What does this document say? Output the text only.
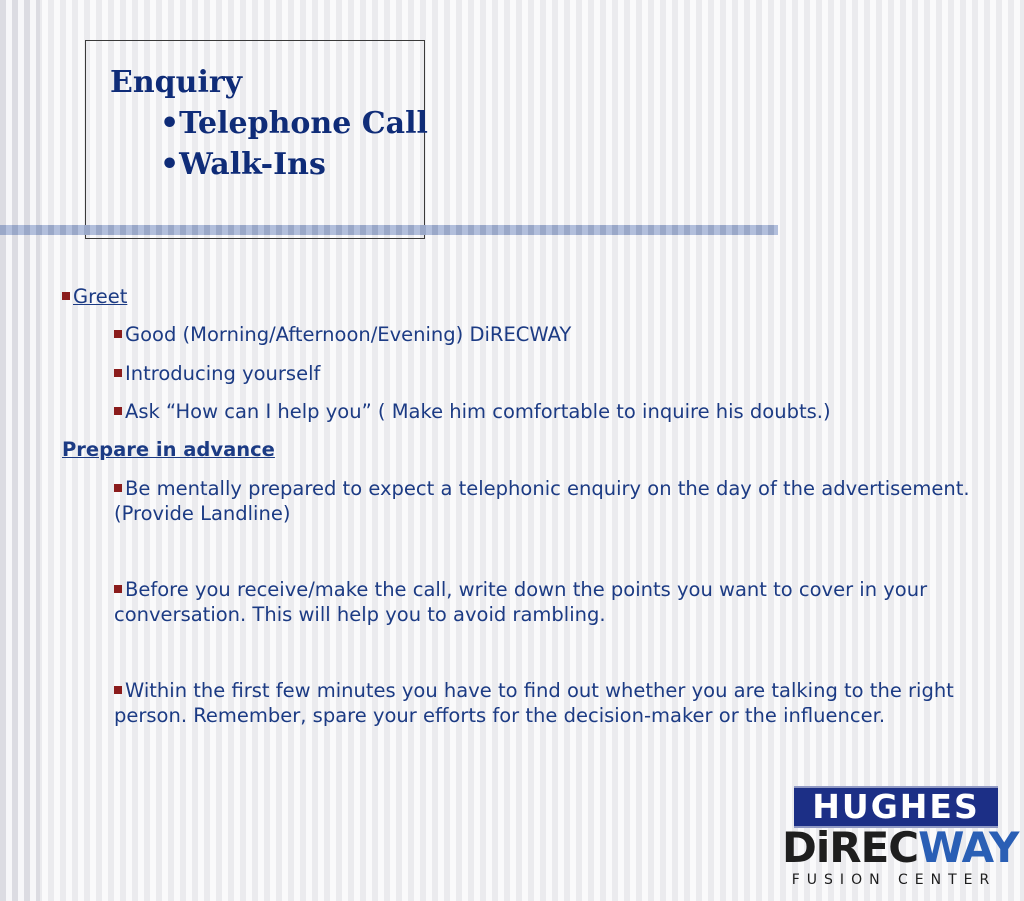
Enquiry
•Telephone Call
•Walk-Ins
Greet
Good (Morning/Afternoon/Evening) DiRECWAY
Introducing yourself
Ask “How can I help you” ( Make him comfortable to inquire his doubts.)
Prepare in advance
Be mentally prepared to expect a telephonic enquiry on the day of the advertisement. (Provide Landline)
Before you receive/make the call, write down the points you want to cover in your conversation. This will help you to avoid rambling.
Within the first few minutes you have to find out whether you are talking to the right person. Remember, spare your efforts for the decision-maker or the influencer.
HUGHES
DiRECWAY
FUSION CENTER
